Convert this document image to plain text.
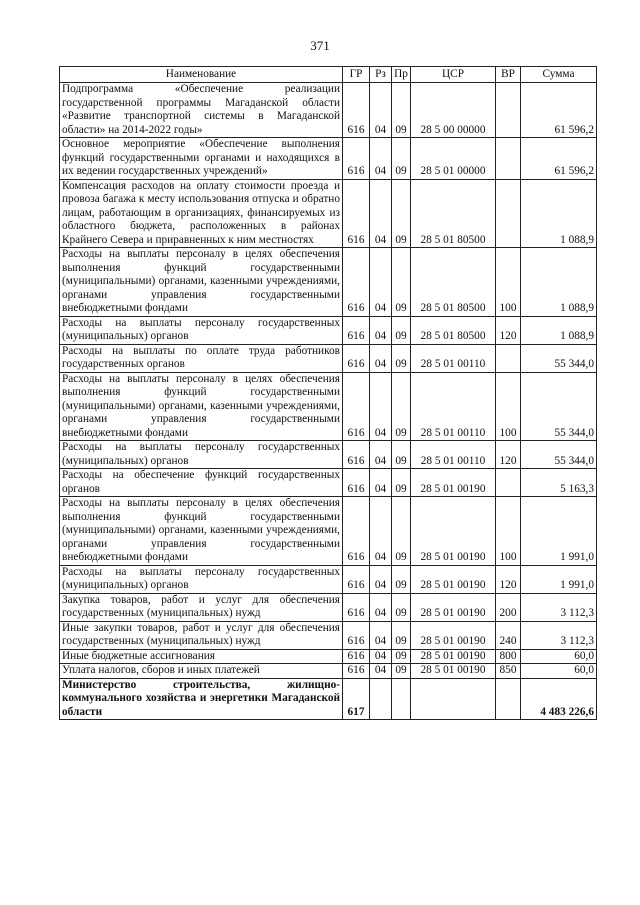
371
Наименование	ГР	Рз	Пр	ЦСР	ВР	Сумма
Подпрограмма «Обеспечение реализации государственной программы Магаданской области «Развитие транспортной системы в Магаданской области» на 2014-2022 годы»	616	04	09	28 5 00 00000		61 596,2
Основное мероприятие «Обеспечение выполнения функций государственными органами и находящихся в их ведении государственных учреждений»	616	04	09	28 5 01 00000		61 596,2
Компенсация расходов на оплату стоимости проезда и провоза багажа к месту использования отпуска и обратно лицам, работающим в организациях, финансируемых из областного бюджета, расположенных в районах Крайнего Севера и приравненных к ним местностях	616	04	09	28 5 01 80500		1 088,9
Расходы на выплаты персоналу в целях обеспечения выполнения функций государственными (муниципальными) органами, казенными учреждениями, органами управления государственными внебюджетными фондами	616	04	09	28 5 01 80500	100	1 088,9
Расходы на выплаты персоналу государственных (муниципальных) органов	616	04	09	28 5 01 80500	120	1 088,9
Расходы на выплаты по оплате труда работников государственных органов	616	04	09	28 5 01 00110		55 344,0
Расходы на выплаты персоналу в целях обеспечения выполнения функций государственными (муниципальными) органами, казенными учреждениями, органами управления государственными внебюджетными фондами	616	04	09	28 5 01 00110	100	55 344,0
Расходы на выплаты персоналу государственных (муниципальных) органов	616	04	09	28 5 01 00110	120	55 344,0
Расходы на обеспечение функций государственных органов	616	04	09	28 5 01 00190		5 163,3
Расходы на выплаты персоналу в целях обеспечения выполнения функций государственными (муниципальными) органами, казенными учреждениями, органами управления государственными внебюджетными фондами	616	04	09	28 5 01 00190	100	1 991,0
Расходы на выплаты персоналу государственных (муниципальных) органов	616	04	09	28 5 01 00190	120	1 991,0
Закупка товаров, работ и услуг для обеспечения государственных (муниципальных) нужд	616	04	09	28 5 01 00190	200	3 112,3
Иные закупки товаров, работ и услуг для обеспечения государственных (муниципальных) нужд	616	04	09	28 5 01 00190	240	3 112,3
Иные бюджетные ассигнования	616	04	09	28 5 01 00190	800	60,0
Уплата налогов, сборов и иных платежей	616	04	09	28 5 01 00190	850	60,0
Министерство строительства, жилищно-коммунального хозяйства и энергетики Магаданской области	617					4 483 226,6
